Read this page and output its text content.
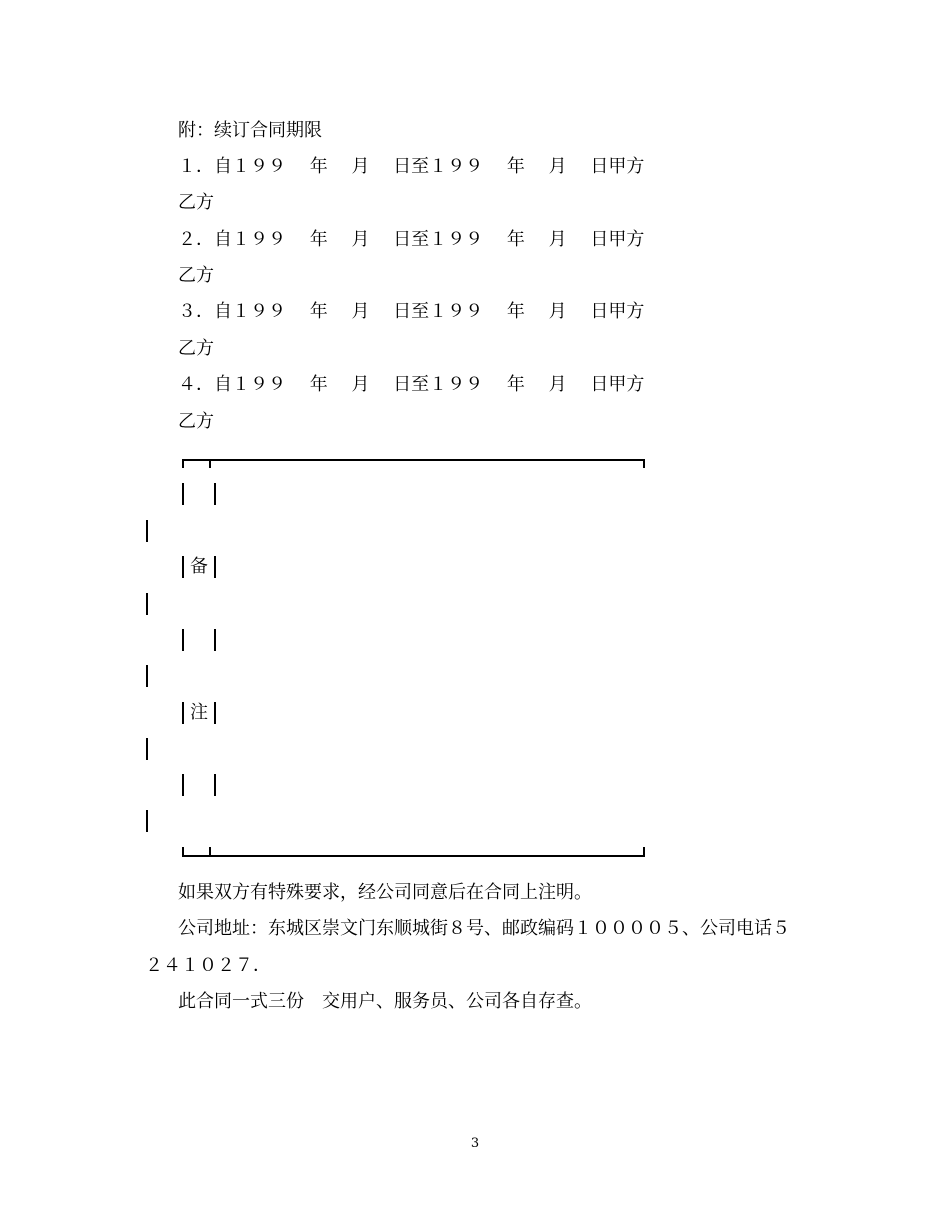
附：续订合同期限
１．自１９９　 年　 月　 日至１９９　 年　 月　 日甲方
乙方
２．自１９９　 年　 月　 日至１９９　 年　 月　 日甲方
乙方
３．自１９９　 年　 月　 日至１９９　 年　 月　 日甲方
乙方
４．自１９９　 年　 月　 日至１９９　 年　 月　 日甲方
乙方
备
注
如果双方有特殊要求，经公司同意后在合同上注明。
公司地址：东城区崇文门东顺城街８号、邮政编码１００００５、公司电话５
２４１０２７．
此合同一式三份　交用户、服务员、公司各自存查。
3
